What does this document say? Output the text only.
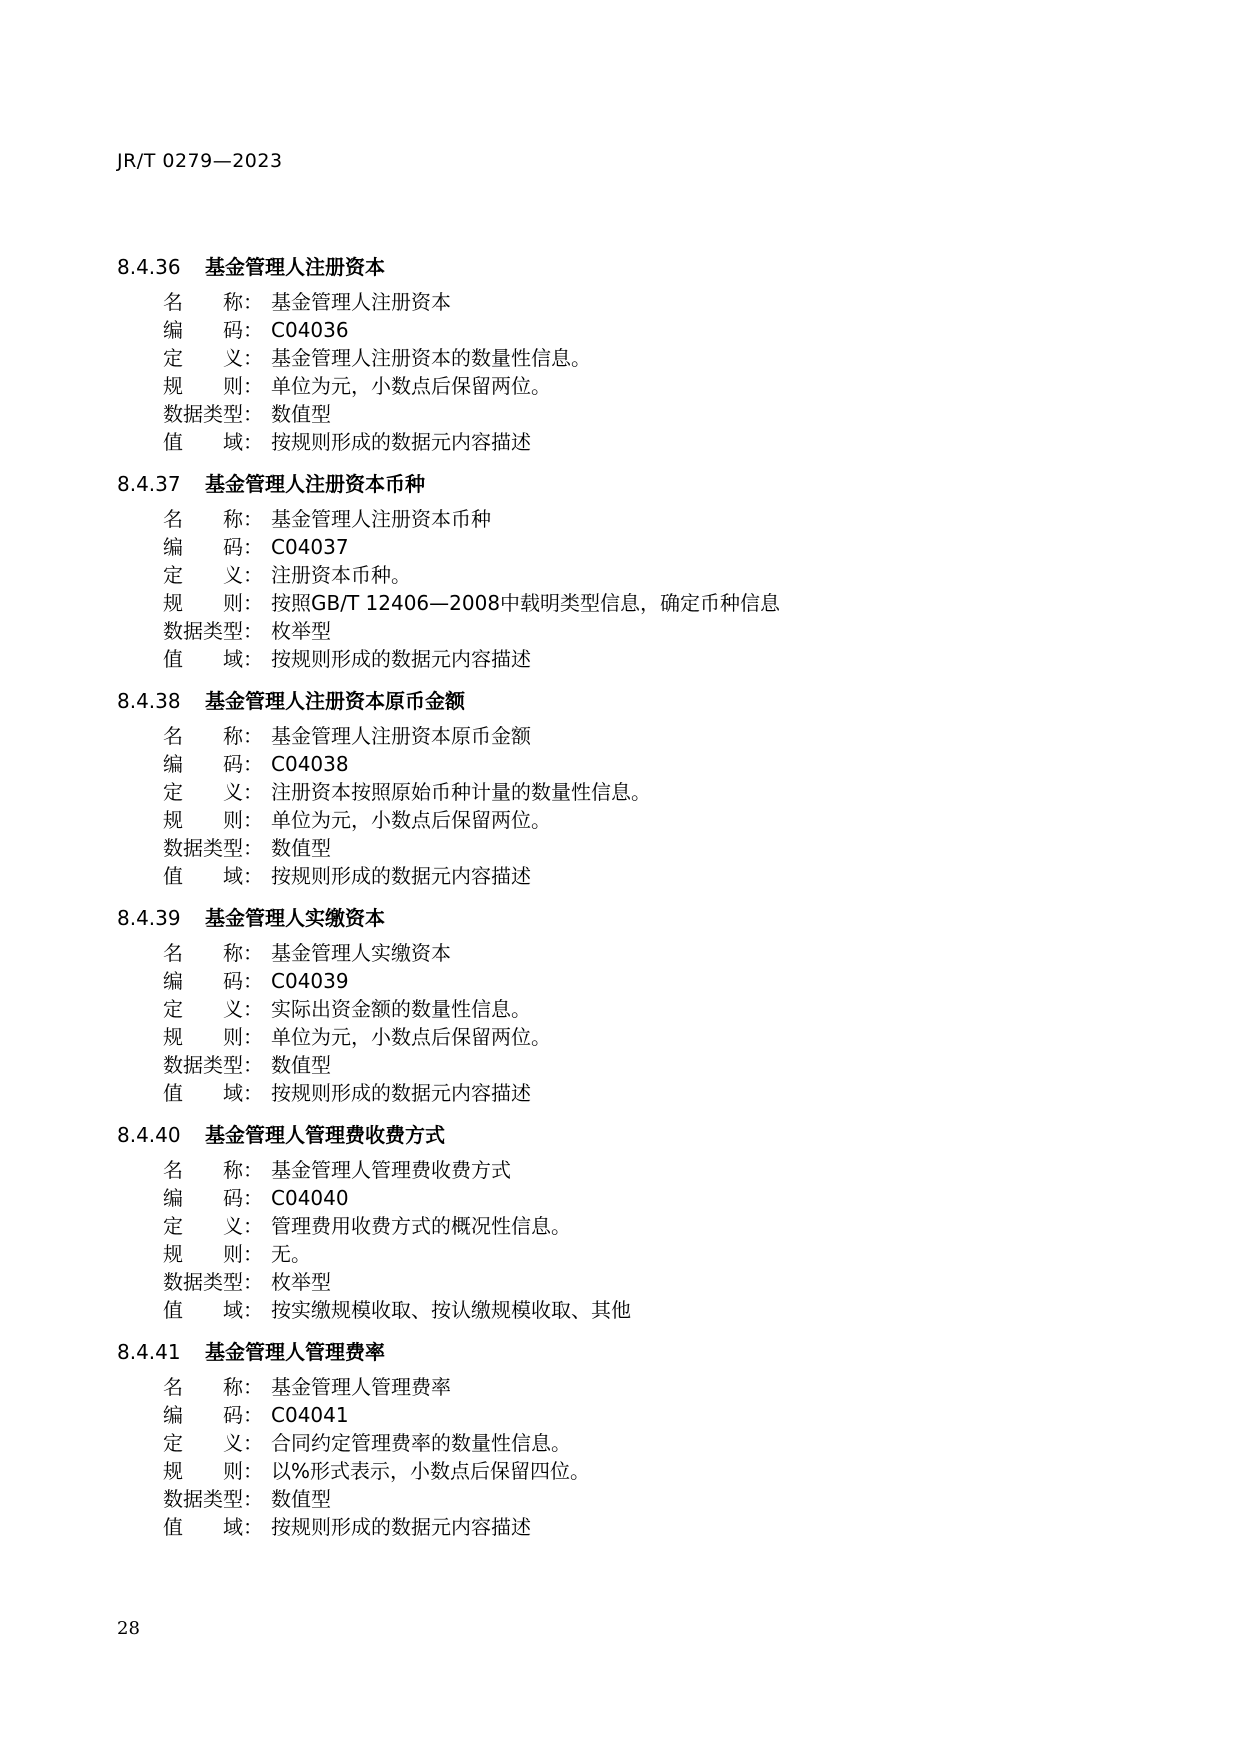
JR/T 0279—2023
8.4.36 基金管理人注册资本
名　　称： 基金管理人注册资本
编　　码： C04036
定　　义： 基金管理人注册资本的数量性信息。
规　　则： 单位为元，小数点后保留两位。
数据类型： 数值型
值　　域： 按规则形成的数据元内容描述
8.4.37 基金管理人注册资本币种
名　　称： 基金管理人注册资本币种
编　　码： C04037
定　　义： 注册资本币种。
规　　则： 按照GB/T 12406—2008中载明类型信息，确定币种信息
数据类型： 枚举型
值　　域： 按规则形成的数据元内容描述
8.4.38 基金管理人注册资本原币金额
名　　称： 基金管理人注册资本原币金额
编　　码： C04038
定　　义： 注册资本按照原始币种计量的数量性信息。
规　　则： 单位为元，小数点后保留两位。
数据类型： 数值型
值　　域： 按规则形成的数据元内容描述
8.4.39 基金管理人实缴资本
名　　称： 基金管理人实缴资本
编　　码： C04039
定　　义： 实际出资金额的数量性信息。
规　　则： 单位为元，小数点后保留两位。
数据类型： 数值型
值　　域： 按规则形成的数据元内容描述
8.4.40 基金管理人管理费收费方式
名　　称： 基金管理人管理费收费方式
编　　码： C04040
定　　义： 管理费用收费方式的概况性信息。
规　　则： 无。
数据类型： 枚举型
值　　域： 按实缴规模收取、按认缴规模收取、其他
8.4.41 基金管理人管理费率
名　　称： 基金管理人管理费率
编　　码： C04041
定　　义： 合同约定管理费率的数量性信息。
规　　则： 以%形式表示，小数点后保留四位。
数据类型： 数值型
值　　域： 按规则形成的数据元内容描述
28
